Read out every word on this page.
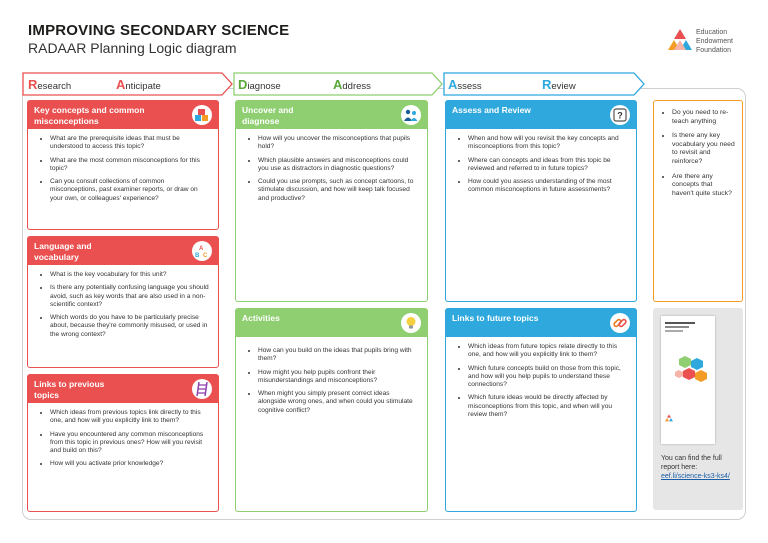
IMPROVING SECONDARY SCIENCE
RADAAR Planning Logic diagram
Education
Endowment
Foundation
Research	Anticipate	Diagnose	Address	Assess	Review
Key concepts and common misconceptions
• What are the prerequisite ideas that must be understood to access this topic?
• What are the most common misconceptions for this topic?
• Can you consult collections of common misconceptions, past examiner reports, or draw on your own, or colleagues' experience?
Language and vocabulary
A
B C
• What is the key vocabulary for this unit?
• Is there any potentially confusing language you should avoid, such as key words that are also used in a non-scientific context?
• Which words do you have to be particularly precise about, because they're commonly misused, or used in the wrong context?
Links to previous topics
• Which ideas from previous topics link directly to this one, and how will you explicitly link to them?
• Have you encountered any common misconceptions from this topic in previous ones? How will you revisit and build on this?
• How will you activate prior knowledge?
Uncover and diagnose
• How will you uncover the misconceptions that pupils hold?
• Which plausible answers and misconceptions could you use as distractors in diagnostic questions?
• Could you use prompts, such as concept cartoons, to stimulate discussion, and how will keep talk focused and productive?
Activities
• How can you build on the ideas that pupils bring with them?
• How might you help pupils confront their misunderstandings and misconceptions?
• When might you simply present correct ideas alongside wrong ones, and when could you stimulate cognitive conflict?
Assess and Review
?
• When and how will you revisit the key concepts and misconceptions from this topic?
• Where can concepts and ideas from this topic be reviewed and referred to in future topics?
• How could you assess understanding of the most common misconceptions in future assessments?
Links to future topics
• Which ideas from future topics relate directly to this one, and how will you explicitly link to them?
• Which future concepts build on those from this topic, and how will you help pupils to understand these connections?
• Which future ideas would be directly affected by misconceptions from this topic, and when will you review them?
• Do you need to re-teach anything
• Is there any key vocabulary you need to revisit and reinforce?
• Are there any concepts that haven't quite stuck?
You can find the full report here: eef.li/science-ks3-ks4/
